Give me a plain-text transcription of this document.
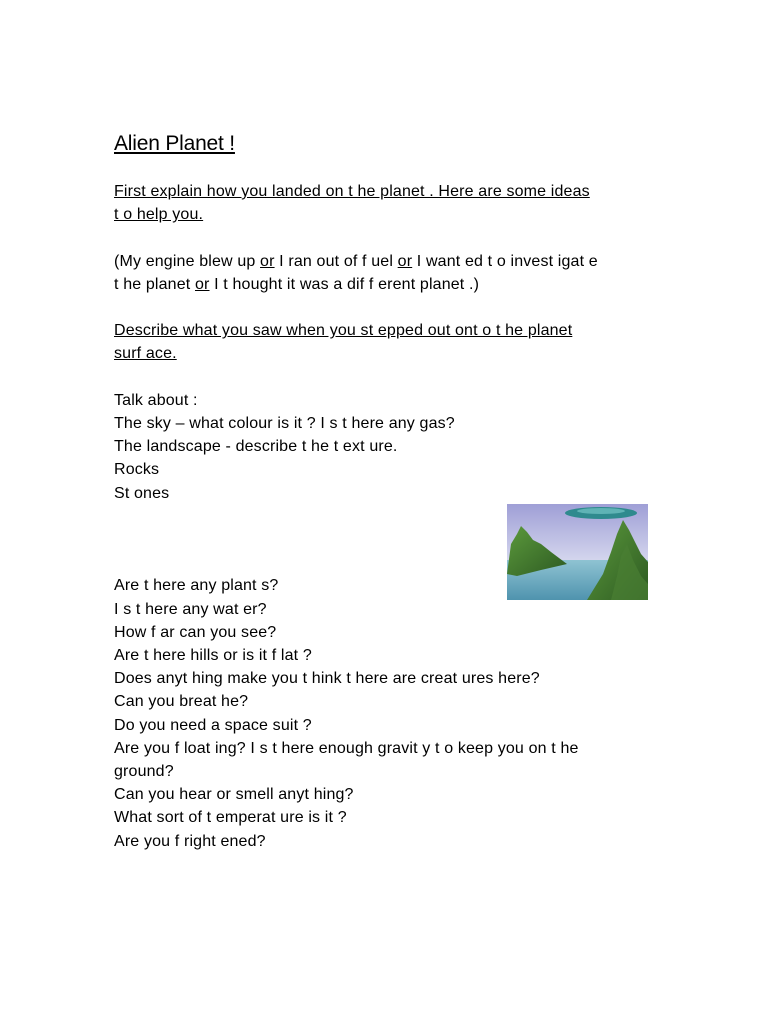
Alien Planet !
First explain how you landed on t he planet . Here are some ideas
t o help you.
(My engine blew up or I ran out of f uel or I want ed t o invest igat e
t he planet or I t hought it was a dif f erent planet .)
Describe what you saw when you st epped out ont o t he planet
surf ace.
Talk about :
The sky – what colour is it ? I s t here any gas?
The landscape - describe t he t ext ure.
Rocks
St ones
Are t here any plant s?
I s t here any wat er?
How f ar can you see?
Are t here hills or is it f lat ?
Does anyt hing make you t hink t here are creat ures here?
Can you breat he?
Do you need a space suit ?
Are you f loat ing? I s t here enough gravit y t o keep you on t he
ground?
Can you hear or smell anyt hing?
What sort of t emperat ure is it ?
Are you f right ened?
